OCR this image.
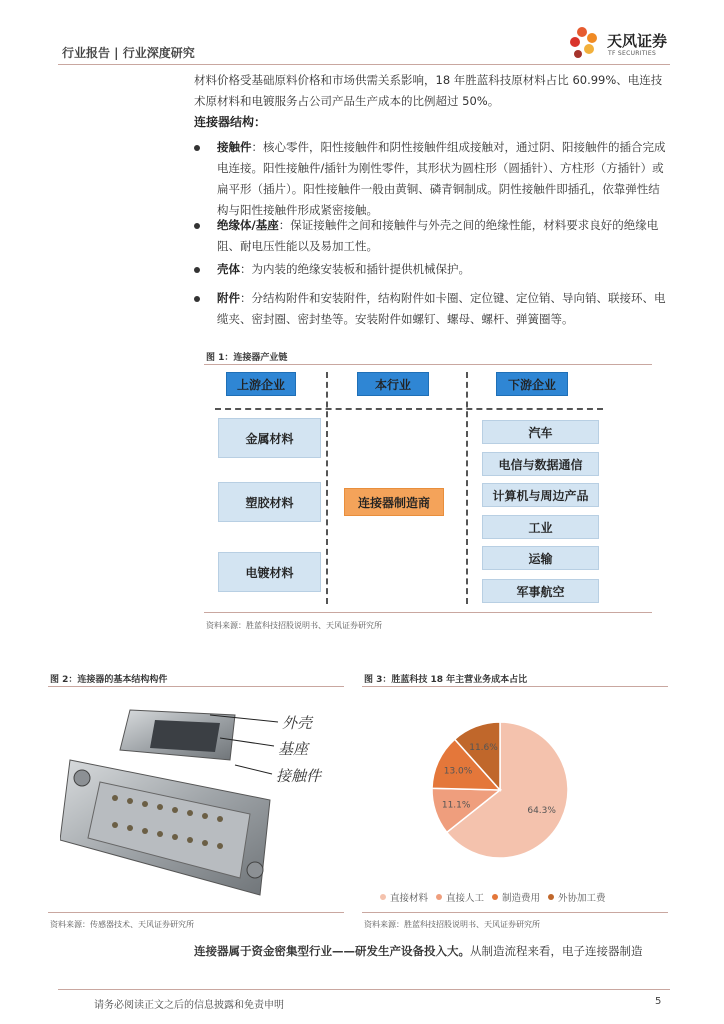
行业报告 | 行业深度研究
天风证券
TF SECURITIES
材料价格受基础原料价格和市场供需关系影响，18 年胜蓝科技原材料占比 60.99%、电连技术原材料和电镀服务占公司产品生产成本的比例超过 50%。
连接器结构：
接触件：核心零件，阳性接触件和阴性接触件组成接触对，通过阴、阳接触件的插合完成电连接。阳性接触件/插针为刚性零件，其形状为圆柱形（圆插针）、方柱形（方插针）或扁平形（插片）。阳性接触件一般由黄铜、磷青铜制成。阴性接触件即插孔，依靠弹性结构与阳性接触件形成紧密接触。
绝缘体/基座：保证接触件之间和接触件与外壳之间的绝缘性能，材料要求良好的绝缘电阻、耐电压性能以及易加工性。
壳体：为内装的绝缘安装板和插针提供机械保护。
附件：分结构附件和安装附件，结构附件如卡圈、定位键、定位销、导向销、联接环、电缆夹、密封圈、密封垫等。安装附件如螺钉、螺母、螺杆、弹簧圈等。
图 1：连接器产业链
上游企业	本行业	下游企业
金属材料
塑胶材料
电镀材料
连接器制造商
汽车
电信与数据通信
计算机与周边产品
工业
运输
军事航空
资料来源：胜蓝科技招股说明书、天风证券研究所
图 2：连接器的基本结构构件
外壳
基座
接触件
资料来源：传感器技术、天风证券研究所
图 3：胜蓝科技 18 年主营业务成本占比
64.3%
11.1%
13.0%
11.6%
直接材料 直接人工 制造费用 外协加工费
资料来源：胜蓝科技招股说明书、天风证券研究所
连接器属于资金密集型行业——研发生产设备投入大。从制造流程来看，电子连接器制造
请务必阅读正文之后的信息披露和免责申明	5
